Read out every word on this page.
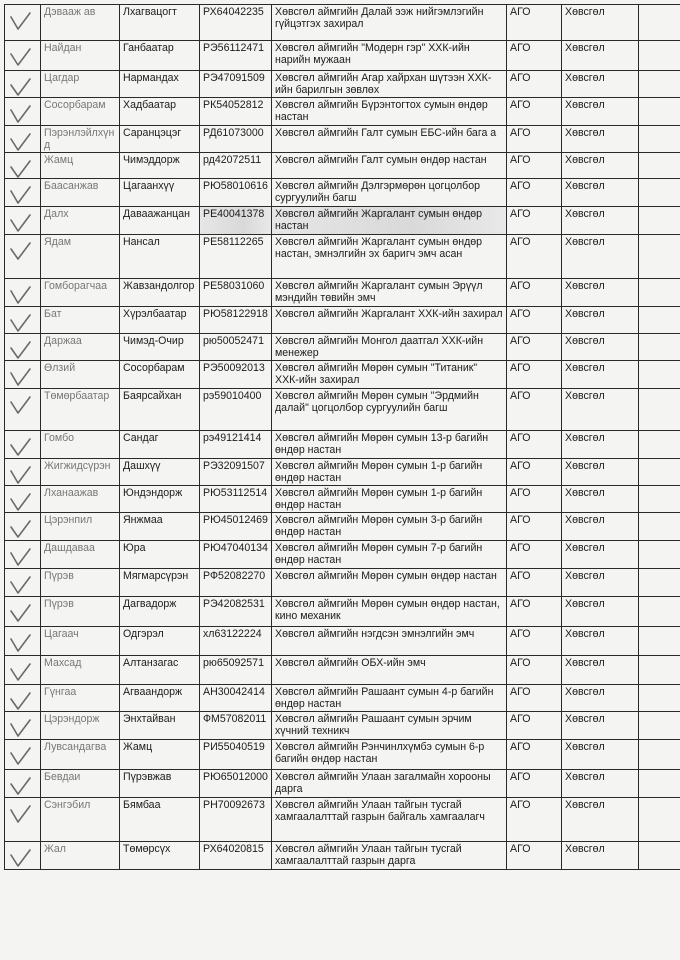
	Дэвааж ав	Лхагвацогт	РХ64042235	Хөвсгөл аймгийн Далай ээж нийгэмлэгийн гүйцэтгэх захирал	АГО	Хөвсгөл	

	Найдан	Ганбаатар	РЭ56112471	Хөвсгөл аймгийн "Модерн гэр" ХХК-ийн нарийн мужаан	АГО	Хөвсгөл	

	Цагдар	Нармандах	РЭ47091509	Хөвсгөл аймгийн Агар хайрхан шүтээн ХХК-ийн барилгын зөвлөх	АГО	Хөвсгөл	

	Сосорбарам	Хадбаатар	РК54052812	Хөвсгөл аймгийн Бүрэнтогтох сумын өндөр настан	АГО	Хөвсгөл	

	Пэрэнлэйлхүнд	Саранцэцэг	РД61073000	Хөвсгөл аймгийн Галт сумын ЕБС-ийн бага а	АГО	Хөвсгөл	

	Жамц	Чимэддорж	рд42072511	Хөвсгөл аймгийн Галт сумын өндөр настан	АГО	Хөвсгөл	

	Баасанжав	Цагаанхүү	РЮ58010616	Хөвсгөл аймгийн Дэлгэрмөрөн цогцолбор сургуулийн багш	АГО	Хөвсгөл	

	Далх	Даваажанцан	РЕ40041378	Хөвсгөл аймгийн Жаргалант сумын өндөр настан	АГО	Хөвсгөл	

	Ядам	Нансал	РЕ58112265	Хөвсгөл аймгийн Жаргалант сумын өндөр настан, эмнэлгийн эх баригч эмч асан	АГО	Хөвсгөл	

	Гомборагчаа	Жавзандолгор	РЕ58031060	Хөвсгөл аймгийн Жаргалант сумын Эрүүл мэндийн төвийн эмч	АГО	Хөвсгөл	

	Бат	Хүрэлбаатар	РЮ58122918	Хөвсгөл аймгийн Жаргалант ХХК-ийн захирал	АГО	Хөвсгөл	

	Даржаа	Чимэд-Очир	рю50052471	Хөвсгөл аймгийн Монгол даатгал ХХК-ийн менежер	АГО	Хөвсгөл	

	Өлзий	Сосорбарам	РЭ50092013	Хөвсгөл аймгийн Мөрөн сумын "Титаник" ХХК-ийн захирал	АГО	Хөвсгөл	

	Төмөрбаатар	Баярсайхан	рэ59010400	Хөвсгөл аймгийн Мөрөн сумын "Эрдмийн далай" цогцолбор сургуулийн багш	АГО	Хөвсгөл	

	Гомбо	Сандаг	рэ49121414	Хөвсгөл аймгийн Мөрөн сумын 13-р багийн өндөр настан	АГО	Хөвсгөл	

	Жигжидсүрэн	Дашхүү	РЭ32091507	Хөвсгөл аймгийн Мөрөн сумын 1-р багийн өндөр настан	АГО	Хөвсгөл	

	Лханаажав	Юндэндорж	РЮ53112514	Хөвсгөл аймгийн Мөрөн сумын 1-р багийн өндөр настан	АГО	Хөвсгөл	

	Цэрэнпил	Янжмаа	РЮ45012469	Хөвсгөл аймгийн Мөрөн сумын 3-р багийн өндөр настан	АГО	Хөвсгөл	

	Дашдаваа	Юра	РЮ47040134	Хөвсгөл аймгийн Мөрөн сумын 7-р багийн өндөр настан	АГО	Хөвсгөл	

	Пүрэв	Мягмарсүрэн	РФ52082270	Хөвсгөл аймгийн Мөрөн сумын өндөр настан	АГО	Хөвсгөл	

	Пүрэв	Дагвадорж	РЭ42082531	Хөвсгөл аймгийн Мөрөн сумын өндөр настан, кино механик	АГО	Хөвсгөл	

	Цагаач	Одгэрэл	хл63122224	Хөвсгөл аймгийн нэгдсэн эмнэлгийн эмч	АГО	Хөвсгөл	

	Махсад	Алтанзагас	рю65092571	Хөвсгөл аймгийн ОБХ-ийн эмч	АГО	Хөвсгөл	

	Гүнгаа	Агваандорж	АН30042414	Хөвсгөл аймгийн Рашаант сумын 4-р багийн өндөр настан	АГО	Хөвсгөл	

	Цэрэндорж	Энхтайван	ФМ57082011	Хөвсгөл аймгийн Рашаант сумын эрчим хүчний техникч	АГО	Хөвсгөл	

	Лувсандагва	Жамц	РИ55040519	Хөвсгөл аймгийн Рэнчинлхүмбэ сумын 6-р багийн өндөр настан	АГО	Хөвсгөл	

	Бевдаи	Пүрэвжав	РЮ65012000	Хөвсгөл аймгийн Улаан загалмайн хорооны дарга	АГО	Хөвсгөл	

	Сэнгэбил	Бямбаа	РН70092673	Хөвсгөл аймгийн Улаан тайгын тусгай хамгаалалттай газрын байгаль хамгаалагч	АГО	Хөвсгөл	

	Жал	Төмөрсүх	РХ64020815	Хөвсгөл аймгийн Улаан тайгын тусгай хамгаалалттай газрын дарга	АГО	Хөвсгөл	
